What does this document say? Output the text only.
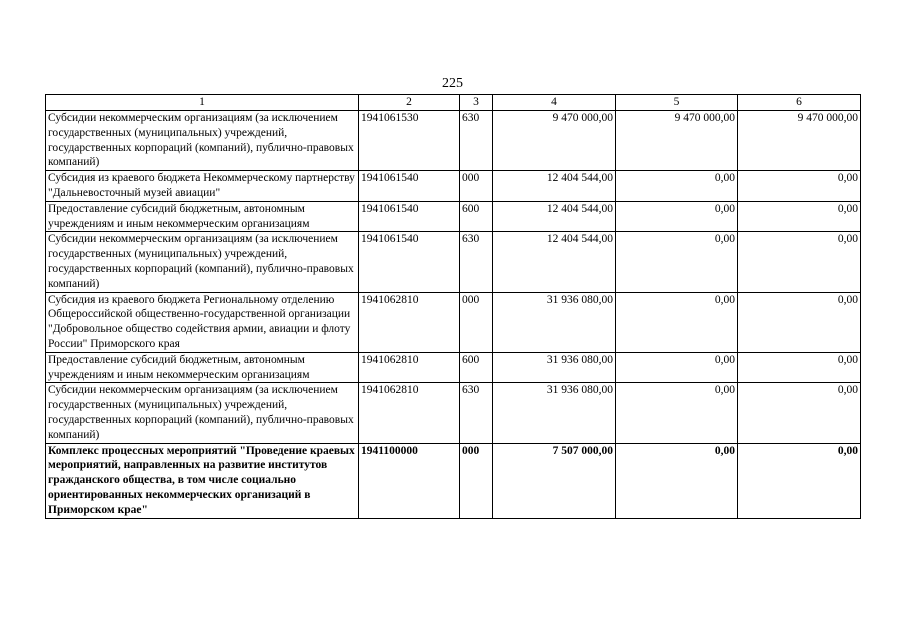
225
1	2	3	4	5	6
Субсидии некоммерческим организациям (за исключением государственных (муниципальных) учреждений, государственных корпораций (компаний), публично-правовых компаний)	1941061530	630	9 470 000,00	9 470 000,00	9 470 000,00
Субсидия из краевого бюджета Некоммерческому партнерству "Дальневосточный музей авиации"	1941061540	000	12 404 544,00	0,00	0,00
Предоставление субсидий бюджетным, автономным учреждениям и иным некоммерческим организациям	1941061540	600	12 404 544,00	0,00	0,00
Субсидии некоммерческим организациям (за исключением государственных (муниципальных) учреждений, государственных корпораций (компаний), публично-правовых компаний)	1941061540	630	12 404 544,00	0,00	0,00
Субсидия из краевого бюджета Региональному отделению Общероссийской общественно-государственной организации "Добровольное общество содействия армии, авиации и флоту России" Приморского края	1941062810	000	31 936 080,00	0,00	0,00
Предоставление субсидий бюджетным, автономным учреждениям и иным некоммерческим организациям	1941062810	600	31 936 080,00	0,00	0,00
Субсидии некоммерческим организациям (за исключением государственных (муниципальных) учреждений, государственных корпораций (компаний), публично-правовых компаний)	1941062810	630	31 936 080,00	0,00	0,00
Комплекс процессных мероприятий "Проведение краевых мероприятий, направленных на развитие институтов гражданского общества, в том числе социально ориентированных некоммерческих организаций в Приморском крае"	1941100000	000	7 507 000,00	0,00	0,00
